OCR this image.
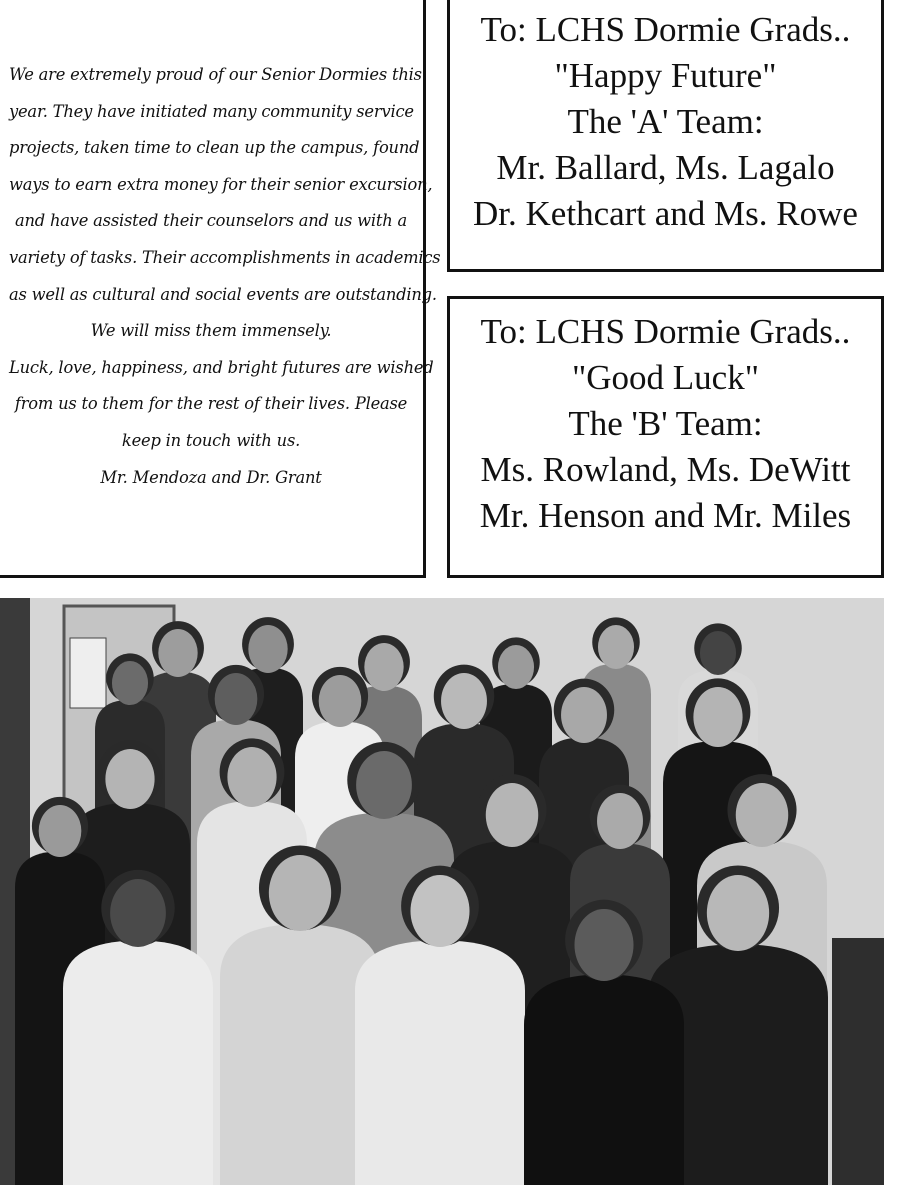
We are extremely proud of our Senior Dormies this
year. They have initiated many community service
projects, taken time to clean up the campus, found
ways to earn extra money for their senior excursion,
and have assisted their counselors and us with a
variety of tasks. Their accomplishments in academics
as well as cultural and social events are outstanding.
We will miss them immensely.
Luck, love, happiness, and bright futures are wished
from us to them for the rest of their lives. Please
keep in touch with us.
Mr. Mendoza and Dr. Grant
To: LCHS Dormie Grads..
"Happy Future"
The 'A' Team:
Mr. Ballard, Ms. Lagalo
Dr. Kethcart and Ms. Rowe
To: LCHS Dormie Grads..
"Good Luck"
The 'B' Team:
Ms. Rowland, Ms. DeWitt
Mr. Henson and Mr. Miles
